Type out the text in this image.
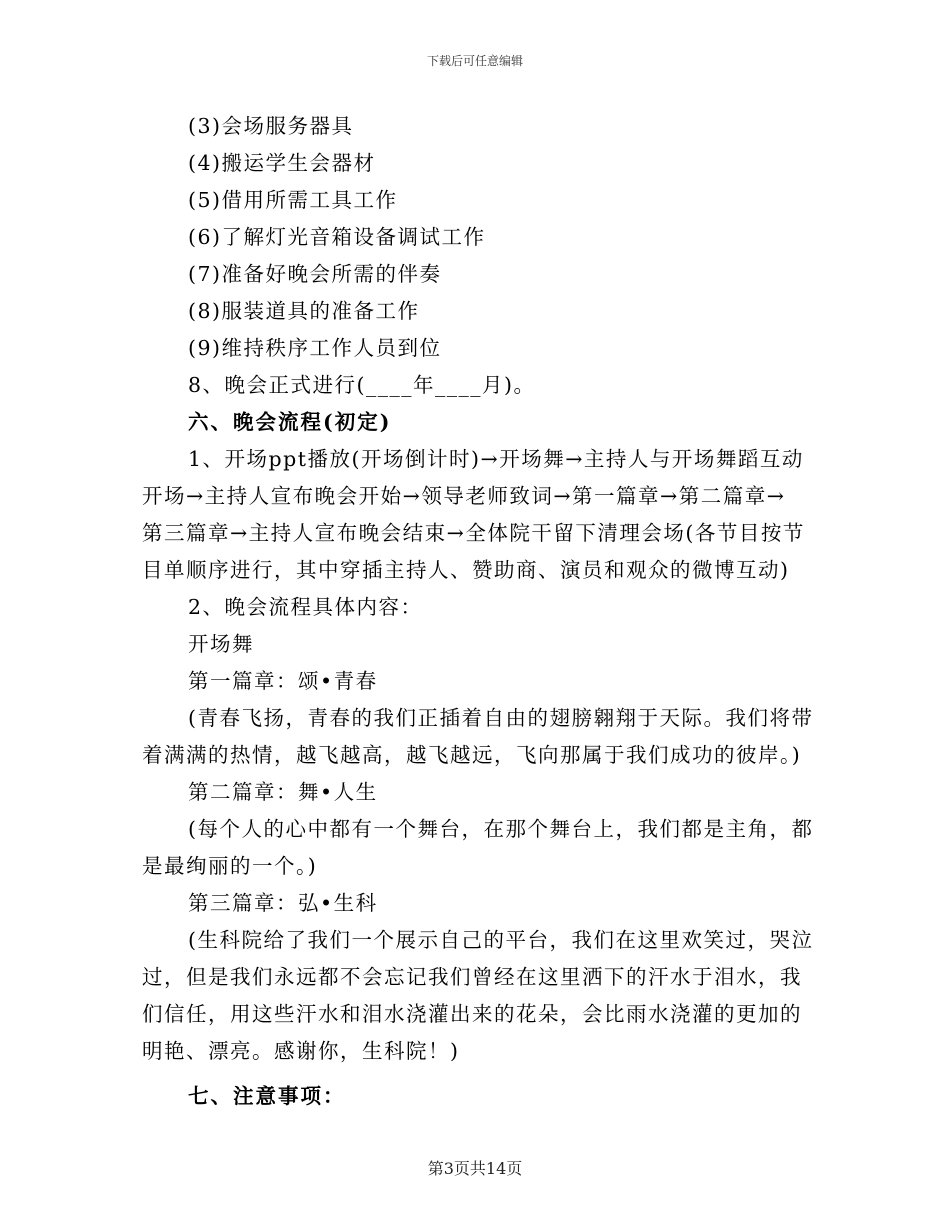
下载后可任意编辑
(3)会场服务器具
(4)搬运学生会器材
(5)借用所需工具工作
(6)了解灯光音箱设备调试工作
(7)准备好晚会所需的伴奏
(8)服装道具的准备工作
(9)维持秩序工作人员到位
8、晚会正式进行(____年____月)。
六、晚会流程(初定)
1、开场ppt播放(开场倒计时)→开场舞→主持人与开场舞蹈互动
开场→主持人宣布晚会开始→领导老师致词→第一篇章→第二篇章→
第三篇章→主持人宣布晚会结束→全体院干留下清理会场(各节目按节
目单顺序进行，其中穿插主持人、赞助商、演员和观众的微博互动)
2、晚会流程具体内容：
开场舞
第一篇章：颂•青春
(青春飞扬，青春的我们正插着自由的翅膀翱翔于天际。我们将带
着满满的热情，越飞越高，越飞越远，飞向那属于我们成功的彼岸。)
第二篇章：舞•人生
(每个人的心中都有一个舞台，在那个舞台上，我们都是主角，都
是最绚丽的一个。)
第三篇章：弘•生科
(生科院给了我们一个展示自己的平台，我们在这里欢笑过，哭泣
过，但是我们永远都不会忘记我们曾经在这里洒下的汗水于泪水，我
们信任，用这些汗水和泪水浇灌出来的花朵，会比雨水浇灌的更加的
明艳、漂亮。感谢你，生科院！)
七、注意事项：
第3页共14页
